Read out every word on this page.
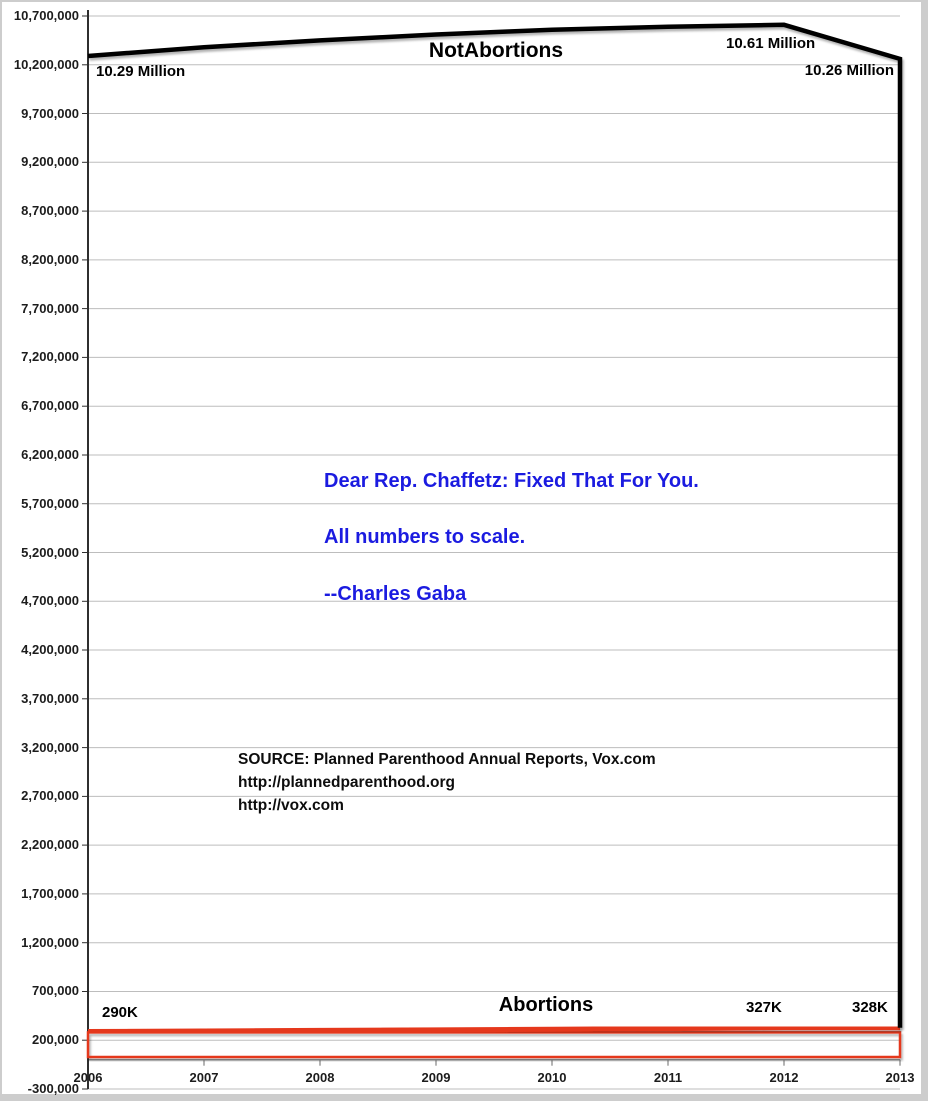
10,700,000
10,200,000
9,700,000
9,200,000
8,700,000
8,200,000
7,700,000
7,200,000
6,700,000
6,200,000
5,700,000
5,200,000
4,700,000
4,200,000
3,700,000
3,200,000
2,700,000
2,200,000
1,700,000
1,200,000
700,000
200,000
-300,000
2006	2007	2008	2009	2010	2011	2012	2013
NotAbortions
Abortions
10.29 Million
10.61 Million
10.26 Million
290K	327K	328K
Dear Rep. Chaffetz: Fixed That For You.
All numbers to scale.
--Charles Gaba
SOURCE: Planned Parenthood Annual Reports, Vox.com
http://plannedparenthood.org
http://vox.com
